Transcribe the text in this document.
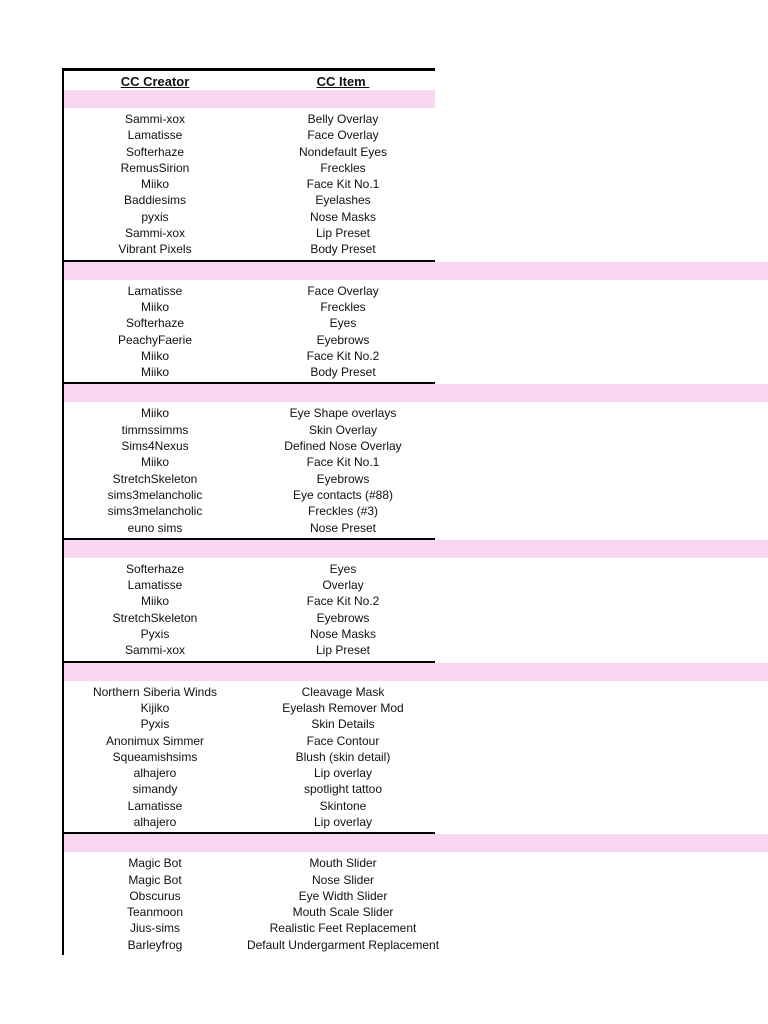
CC Creator	CC Item
Sammi-xox	Belly Overlay
Lamatisse	Face Overlay
Softerhaze	Nondefault Eyes
RemusSirion	Freckles
Miiko	Face Kit No.1
Baddiesims	Eyelashes
pyxis	Nose Masks
Sammi-xox	Lip Preset
Vibrant Pixels	Body Preset
Lamatisse	Face Overlay
Miiko	Freckles
Softerhaze	Eyes
PeachyFaerie	Eyebrows
Miiko	Face Kit No.2
Miiko	Body Preset
Miiko	Eye Shape overlays
timmssimms	Skin Overlay
Sims4Nexus	Defined Nose Overlay
Miiko	Face Kit No.1
StretchSkeleton	Eyebrows
sims3melancholic	Eye contacts (#88)
sims3melancholic	Freckles (#3)
euno sims	Nose Preset
Softerhaze	Eyes
Lamatisse	Overlay
Miiko	Face Kit No.2
StretchSkeleton	Eyebrows
Pyxis	Nose Masks
Sammi-xox	Lip Preset
Northern Siberia Winds	Cleavage Mask
Kijiko	Eyelash Remover Mod
Pyxis	Skin Details
Anonimux Simmer	Face Contour
Squeamishsims	Blush (skin detail)
alhajero	Lip overlay
simandy	spotlight tattoo
Lamatisse	Skintone
alhajero	Lip overlay
Magic Bot	Mouth Slider
Magic Bot	Nose Slider
Obscurus	Eye Width Slider
Teanmoon	Mouth Scale Slider
Jius-sims	Realistic Feet Replacement
Barleyfrog	Default Undergarment Replacement
